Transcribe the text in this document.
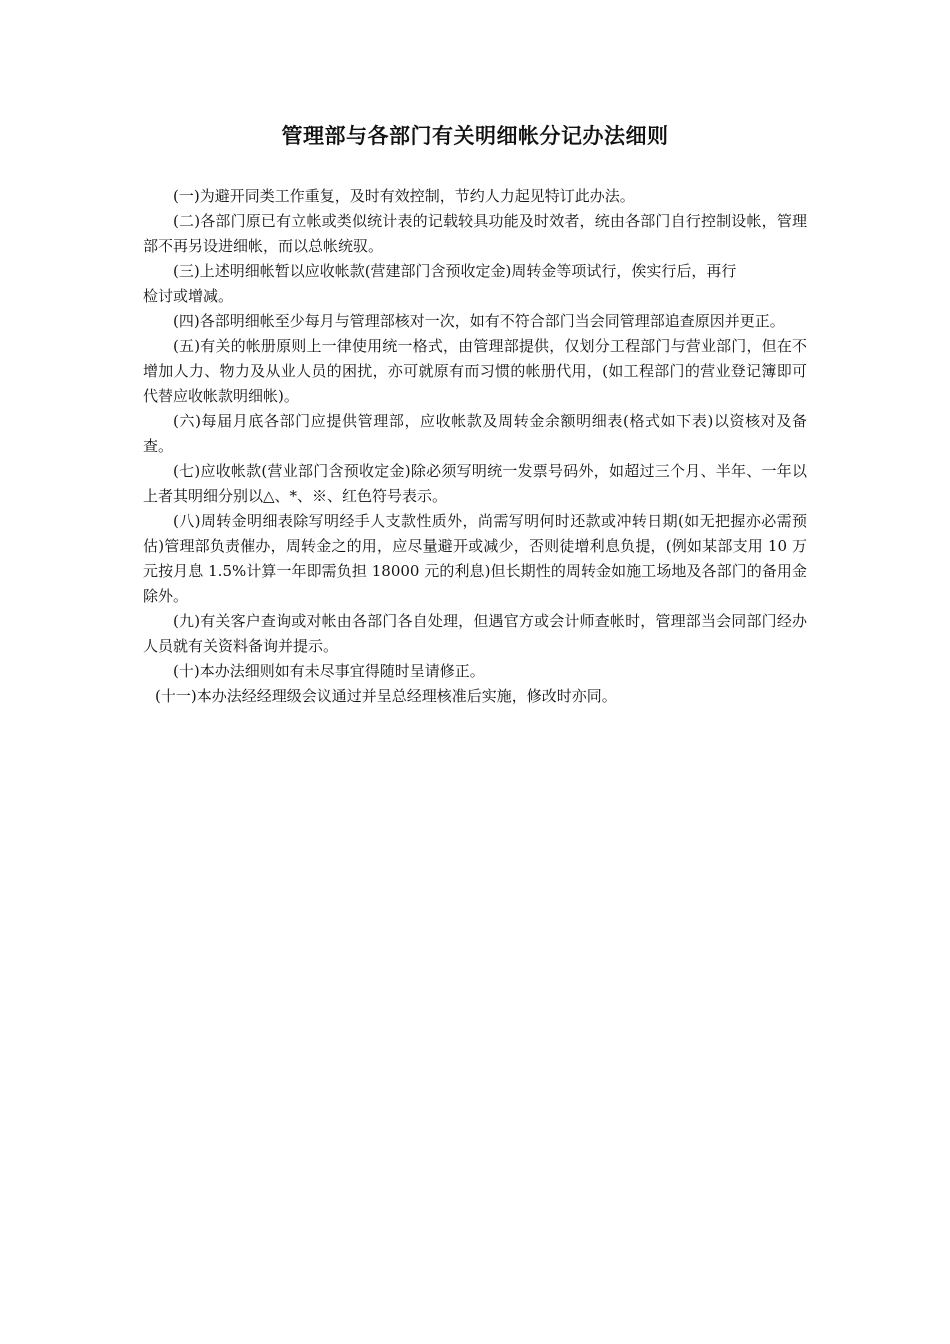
管理部与各部门有关明细帐分记办法细则

(一)为避开同类工作重复，及时有效控制，节约人力起见特订此办法。

(二)各部门原已有立帐或类似统计表的记载较具功能及时效者，统由各部门自行控制设帐，管理部不再另设进细帐，而以总帐统驭。

(三)上述明细帐暂以应收帐款(营建部门含预收定金)周转金等项试行，俟实行后，再行

检讨或增减。

(四)各部明细帐至少每月与管理部核对一次，如有不符合部门当会同管理部追查原因并更正。

(五)有关的帐册原则上一律使用统一格式，由管理部提供，仅划分工程部门与营业部门，但在不增加人力、物力及从业人员的困扰，亦可就原有而习惯的帐册代用，(如工程部门的营业登记簿即可代替应收帐款明细帐)。

(六)每届月底各部门应提供管理部，应收帐款及周转金余额明细表(格式如下表)以资核对及备查。

(七)应收帐款(营业部门含预收定金)除必须写明统一发票号码外，如超过三个月、半年、一年以上者其明细分别以△、*、※、红色符号表示。

(八)周转金明细表除写明经手人支款性质外，尚需写明何时还款或冲转日期(如无把握亦必需预估)管理部负责催办，周转金之的用，应尽量避开或减少，否则徒增利息负提，(例如某部支用 10 万元按月息 1.5%计算一年即需负担 18000 元的利息)但长期性的周转金如施工场地及各部门的备用金除外。

(九)有关客户查询或对帐由各部门各自处理，但遇官方或会计师查帐时，管理部当会同部门经办人员就有关资料备询并提示。

(十)本办法细则如有未尽事宜得随时呈请修正。

(十一)本办法经经理级会议通过并呈总经理核准后实施，修改时亦同。
